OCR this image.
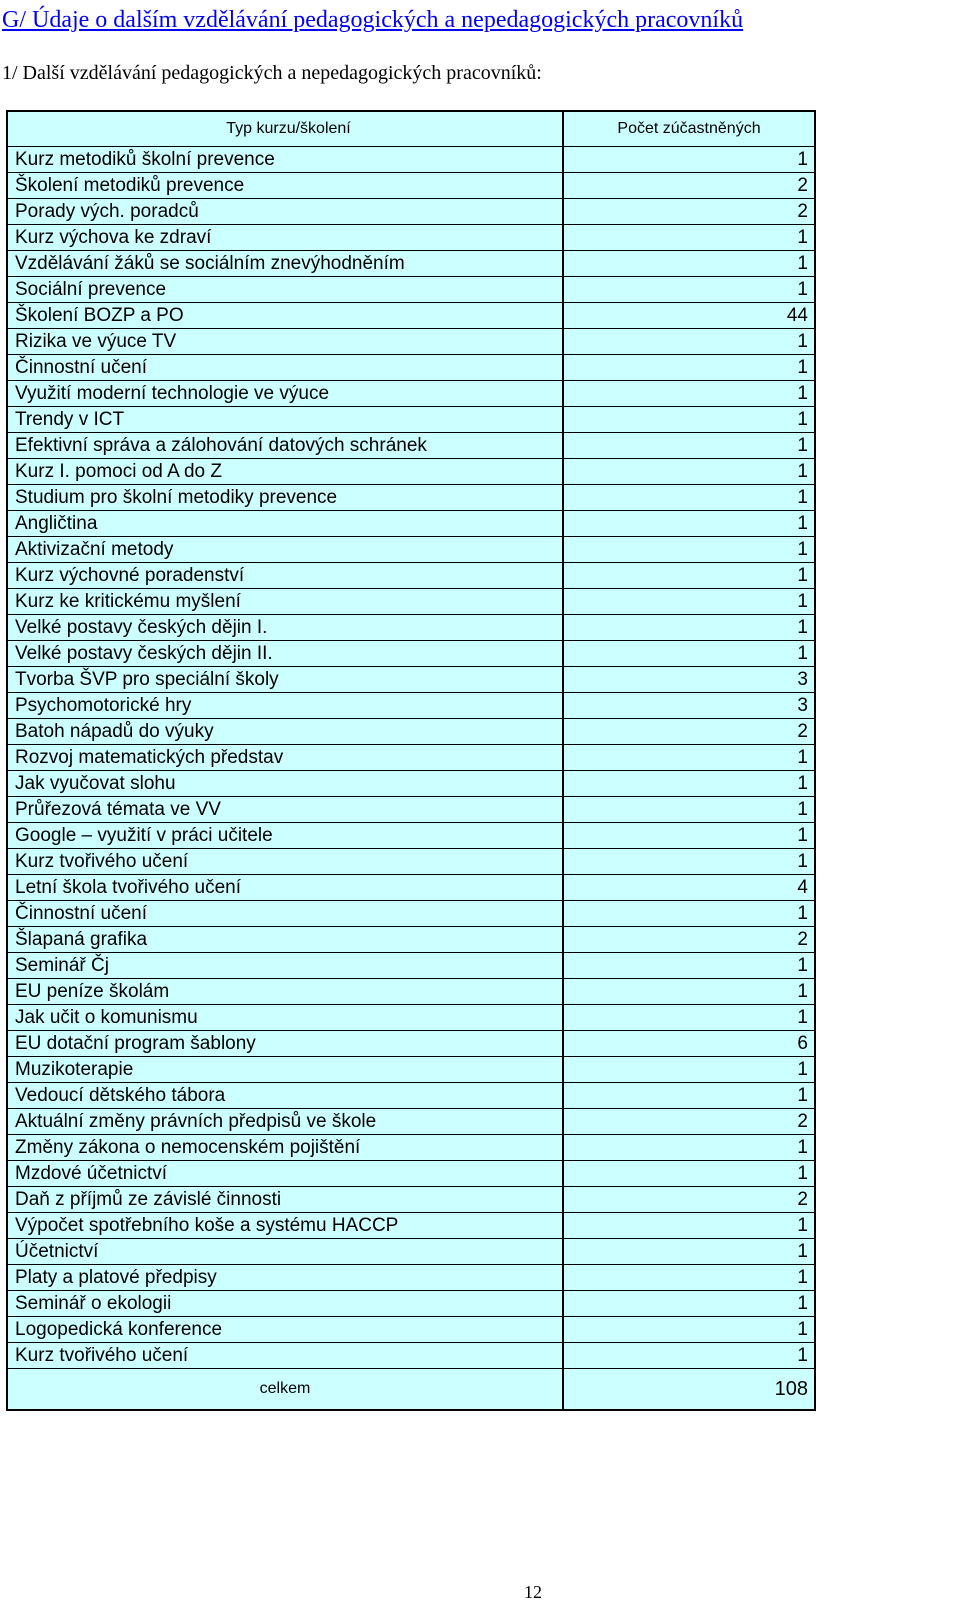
G/ Údaje o dalším vzdělávání pedagogických a nepedagogických pracovníků
1/ Další vzdělávání pedagogických a nepedagogických pracovníků:
Typ kurzu/školení	Počet zúčastněných
Kurz metodiků školní prevence	1
Školení metodiků prevence	2
Porady vých. poradců	2
Kurz výchova ke zdraví	1
Vzdělávání žáků se sociálním znevýhodněním	1
Sociální prevence	1
Školení BOZP a PO	44
Rizika ve výuce TV	1
Činnostní učení	1
Využití moderní technologie ve výuce	1
Trendy v ICT	1
Efektivní správa a zálohování datových schránek	1
Kurz I. pomoci od A do Z	1
Studium pro školní metodiky prevence	1
Angličtina	1
Aktivizační metody	1
Kurz výchovné poradenství	1
Kurz ke kritickému myšlení	1
Velké postavy českých dějin I.	1
Velké postavy českých dějin II.	1
Tvorba ŠVP pro speciální školy	3
Psychomotorické hry	3
Batoh nápadů do výuky	2
Rozvoj matematických představ	1
Jak vyučovat slohu	1
Průřezová témata ve VV	1
Google – využití v práci učitele	1
Kurz tvořivého učení	1
Letní škola tvořivého učení	4
Činnostní učení	1
Šlapaná grafika	2
Seminář Čj	1
EU peníze školám	1
Jak učit o komunismu	1
EU dotační program šablony	6
Muzikoterapie	1
Vedoucí dětského tábora	1
Aktuální změny právních předpisů ve škole	2
Změny zákona o nemocenském pojištění	1
Mzdové účetnictví	1
Daň z příjmů ze závislé činnosti	2
Výpočet spotřebního koše a systému HACCP	1
Účetnictví	1
Platy a platové předpisy	1
Seminář o ekologii	1
Logopedická konference	1
Kurz tvořivého učení	1
celkem	108
12
